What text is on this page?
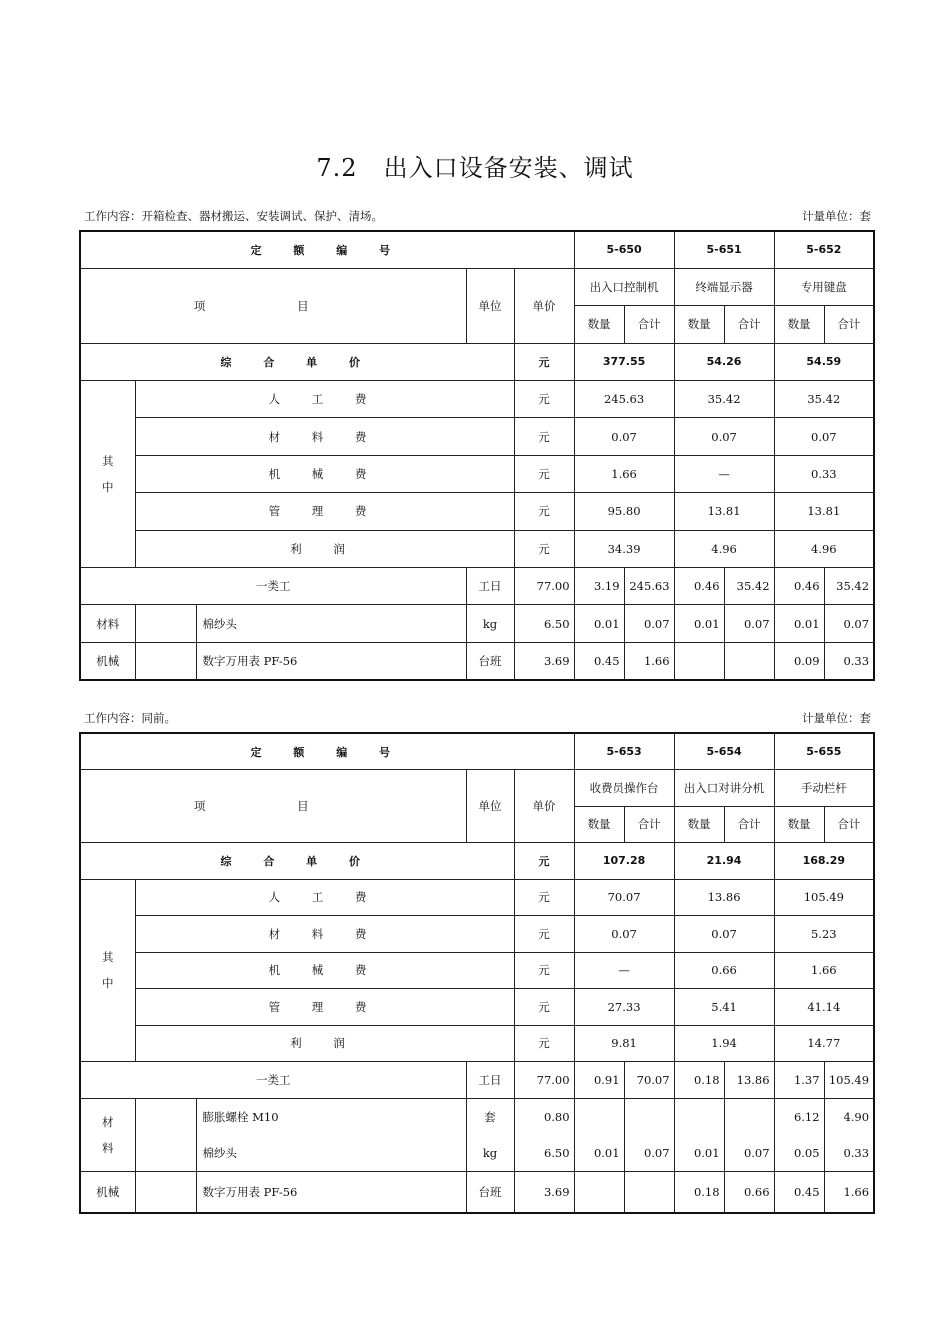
7.2 出入口设备安装、调试
工作内容：开箱检查、器材搬运、安装调试、保护、清场。	计量单位：套
定 额 编 号					5-650		5-651		5-652	
项 目			单位	单价	出入口控制机		终端显示器		专用键盘	
					数量	合计	数量	合计	数量	合计
综 合 单 价				元	377.55		54.26		54.59	
其中	人 工 费			元	245.63		35.42		35.42	
	材 料 费			元	0.07		0.07		0.07	
	机 械 费			元	1.66		—		0.33	
	管 理 费			元	95.80		13.81		13.81	
	利 润			元	34.39		4.96		4.96	
一类工			工日	77.00	3.19	245.63	0.46	35.42	0.46	35.42
材料		棉纱头	kg	6.50	0.01	0.07	0.01	0.07	0.01	0.07
机械		数字万用表 PF-56	台班	3.69	0.45	1.66			0.09	0.33
工作内容：同前。	计量单位：套
定 额 编 号					5-653		5-654		5-655	
项 目			单位	单价	收费员操作台		出入口对讲分机		手动栏杆	
					数量	合计	数量	合计	数量	合计
综 合 单 价				元	107.28		21.94		168.29	
其中	人 工 费			元	70.07		13.86		105.49	
	材 料 费			元	0.07		0.07		5.23	
	机 械 费			元	—		0.66		1.66	
	管 理 费			元	27.33		5.41		41.14	
	利 润			元	9.81		1.94		14.77	
一类工			工日	77.00	0.91	70.07	0.18	13.86	1.37	105.49
材料		膨胀螺栓 M10	套	0.80					6.12	4.90
		棉纱头	kg	6.50	0.01	0.07	0.01	0.07	0.05	0.33
机械		数字万用表 PF-56	台班	3.69			0.18	0.66	0.45	1.66
